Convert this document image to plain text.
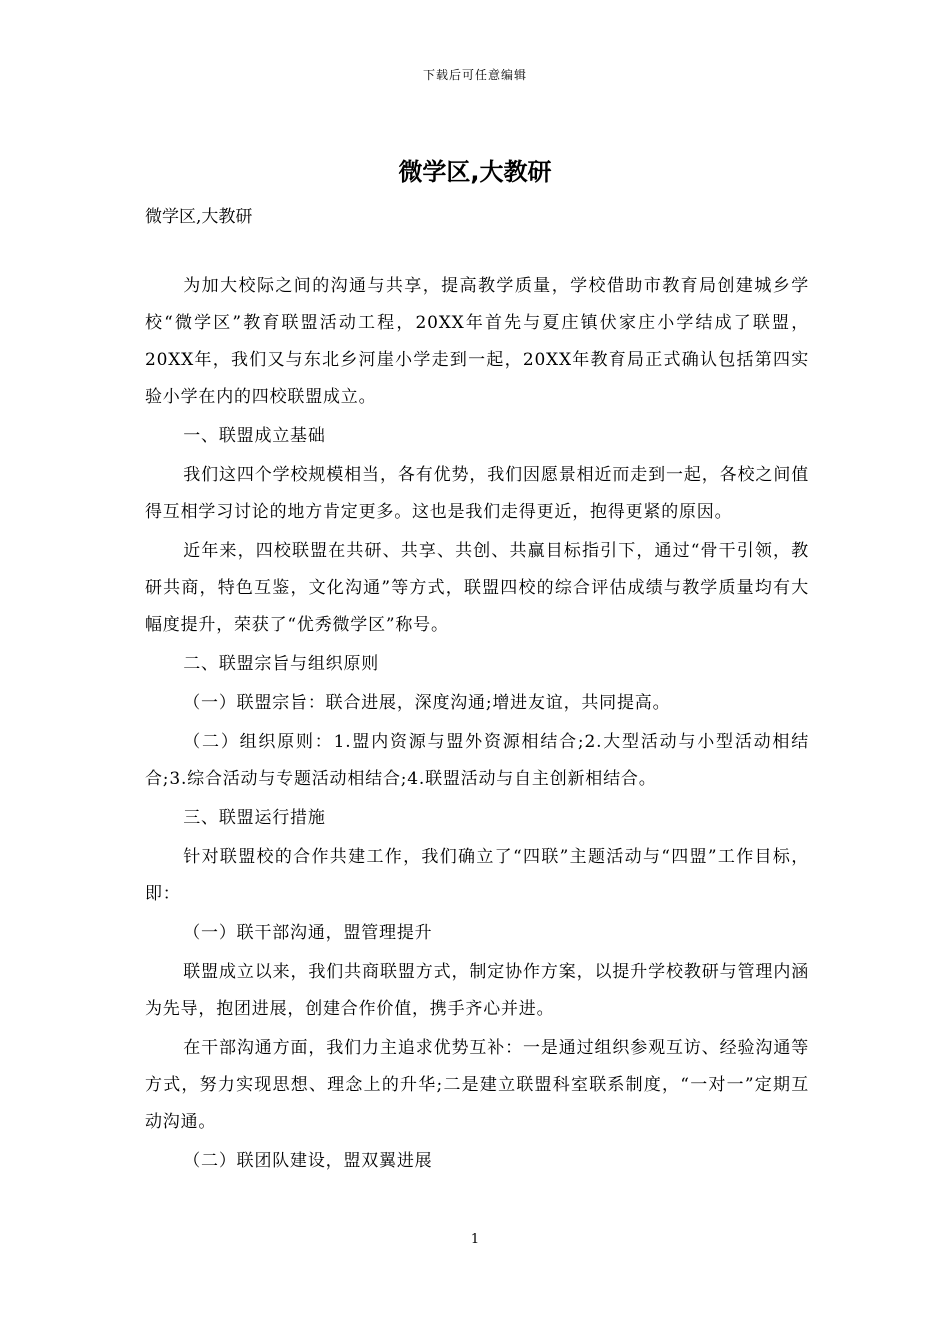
下载后可任意编辑
微学区,大教研
微学区,大教研

为加大校际之间的沟通与共享，提高教学质量，学校借助市教育局创建城乡学校“微学区”教育联盟活动工程，20XX年首先与夏庄镇伏家庄小学结成了联盟，20XX年，我们又与东北乡河崖小学走到一起，20XX年教育局正式确认包括第四实验小学在内的四校联盟成立。

一、联盟成立基础

我们这四个学校规模相当，各有优势，我们因愿景相近而走到一起，各校之间值得互相学习讨论的地方肯定更多。这也是我们走得更近，抱得更紧的原因。

近年来，四校联盟在共研、共享、共创、共赢目标指引下，通过“骨干引领，教研共商，特色互鉴，文化沟通”等方式，联盟四校的综合评估成绩与教学质量均有大幅度提升，荣获了“优秀微学区”称号。

二、联盟宗旨与组织原则

（一）联盟宗旨：联合进展，深度沟通;增进友谊，共同提高。

（二）组织原则：1.盟内资源与盟外资源相结合;2.大型活动与小型活动相结合;3.综合活动与专题活动相结合;4.联盟活动与自主创新相结合。

三、联盟运行措施

针对联盟校的合作共建工作，我们确立了“四联”主题活动与“四盟”工作目标，即：

（一）联干部沟通，盟管理提升

联盟成立以来，我们共商联盟方式，制定协作方案，以提升学校教研与管理内涵为先导，抱团进展，创建合作价值，携手齐心并进。

在干部沟通方面，我们力主追求优势互补：一是通过组织参观互访、经验沟通等方式，努力实现思想、理念上的升华;二是建立联盟科室联系制度，“一对一”定期互动沟通。

（二）联团队建设，盟双翼进展

1
